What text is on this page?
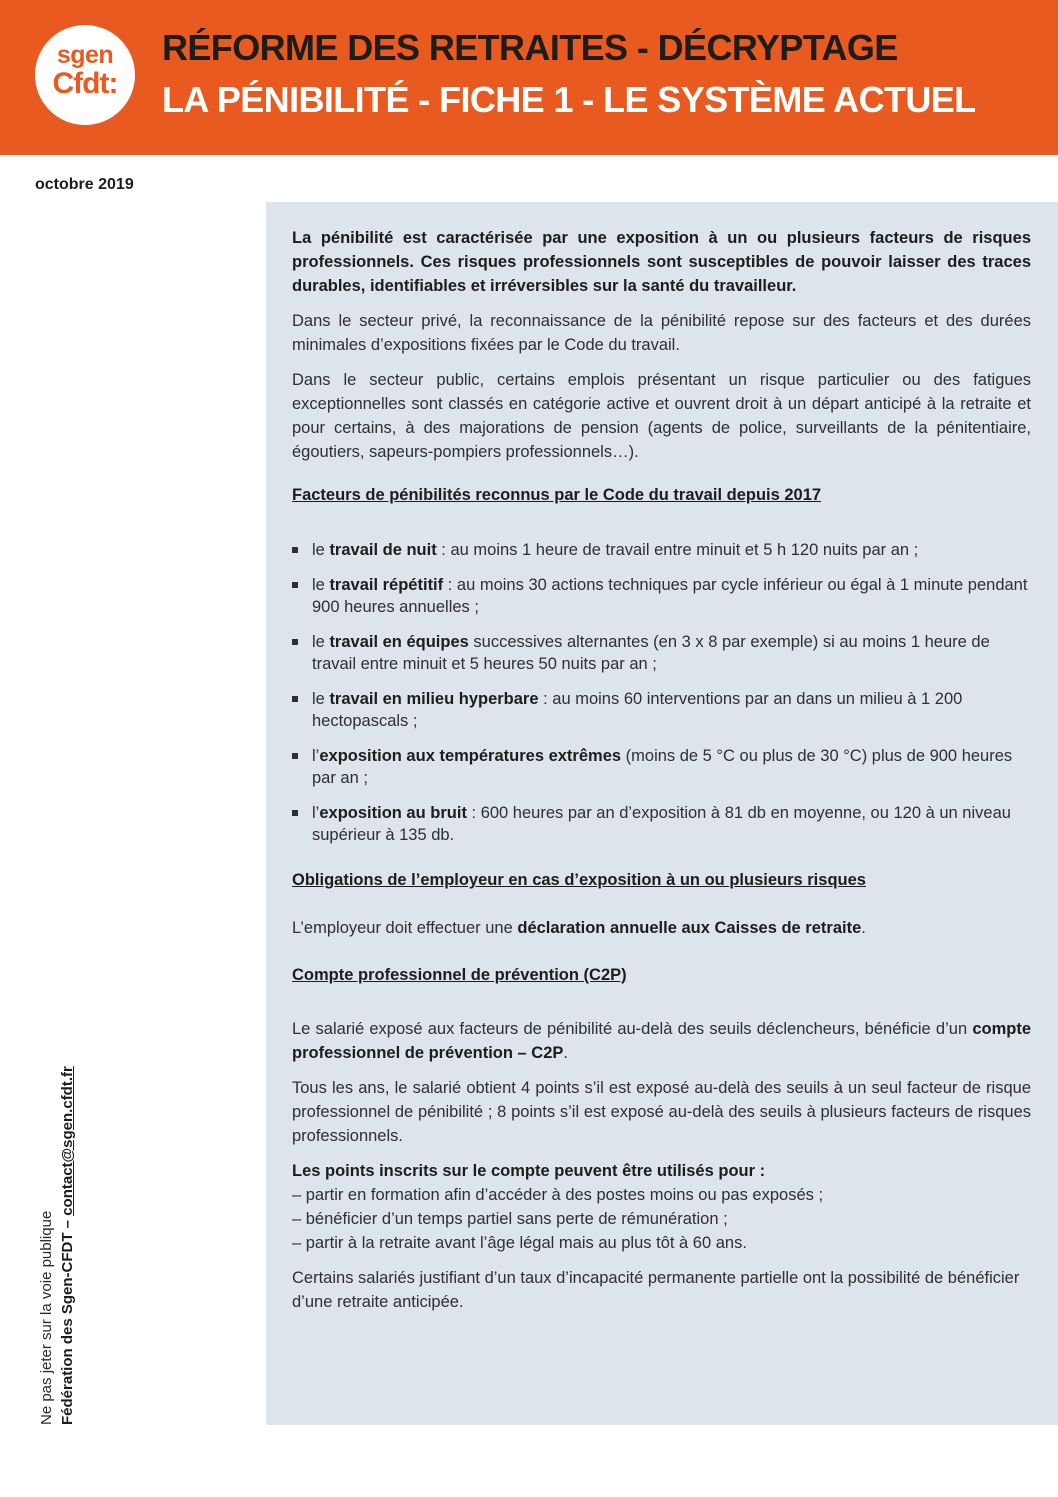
sgen
Cfdt:
RÉFORME DES RETRAITES - DÉCRYPTAGE
LA PÉNIBILITÉ - FICHE 1 - LE SYSTÈME ACTUEL
octobre 2019

La pénibilité est caractérisée par une exposition à un ou plusieurs facteurs de risques professionnels. Ces risques professionnels sont susceptibles de pouvoir laisser des traces durables, identifiables et irréversibles sur la santé du travailleur.

Dans le secteur privé, la reconnaissance de la pénibilité repose sur des facteurs et des durées minimales d’expositions fixées par le Code du travail.

Dans le secteur public, certains emplois présentant un risque particulier ou des fatigues exceptionnelles sont classés en catégorie active et ouvrent droit à un départ anticipé à la retraite et pour certains, à des majorations de pension (agents de police, surveillants de la pénitentiaire, égoutiers, sapeurs-pompiers professionnels…).

Facteurs de pénibilités reconnus par le Code du travail depuis 2017

le travail de nuit : au moins 1 heure de travail entre minuit et 5 h 120 nuits par an ;
le travail répétitif : au moins 30 actions techniques par cycle inférieur ou égal à 1 minute pendant 900 heures annuelles ;
le travail en équipes successives alternantes (en 3 x 8 par exemple) si au moins 1 heure de travail entre minuit et 5 heures 50 nuits par an ;
le travail en milieu hyperbare : au moins 60 interventions par an dans un milieu à 1 200 hectopascals ;
l’exposition aux températures extrêmes (moins de 5 °C ou plus de 30 °C) plus de 900 heures par an ;
l’exposition au bruit : 600 heures par an d’exposition à 81 db en moyenne, ou 120 à un niveau supérieur à 135 db.

Obligations de l’employeur en cas d’exposition à un ou plusieurs risques

L’employeur doit effectuer une déclaration annuelle aux Caisses de retraite.

Compte professionnel de prévention (C2P)

Le salarié exposé aux facteurs de pénibilité au-delà des seuils déclencheurs, bénéficie d’un compte professionnel de prévention – C2P.

Tous les ans, le salarié obtient 4 points s’il est exposé au-delà des seuils à un seul facteur de risque professionnel de pénibilité ; 8 points s’il est exposé au-delà des seuils à plusieurs facteurs de risques professionnels.

Les points inscrits sur le compte peuvent être utilisés pour :

– partir en formation afin d’accéder à des postes moins ou pas exposés ;

– bénéficier d’un temps partiel sans perte de rémunération ;

– partir à la retraite avant l’âge légal mais au plus tôt à 60 ans.

Certains salariés justifiant d’un taux d’incapacité permanente partielle ont la possibilité de bénéficier d’une retraite anticipée.

Ne pas jeter sur la voie publique Fédération des Sgen-CFDT – contact@sgen.cfdt.fr
